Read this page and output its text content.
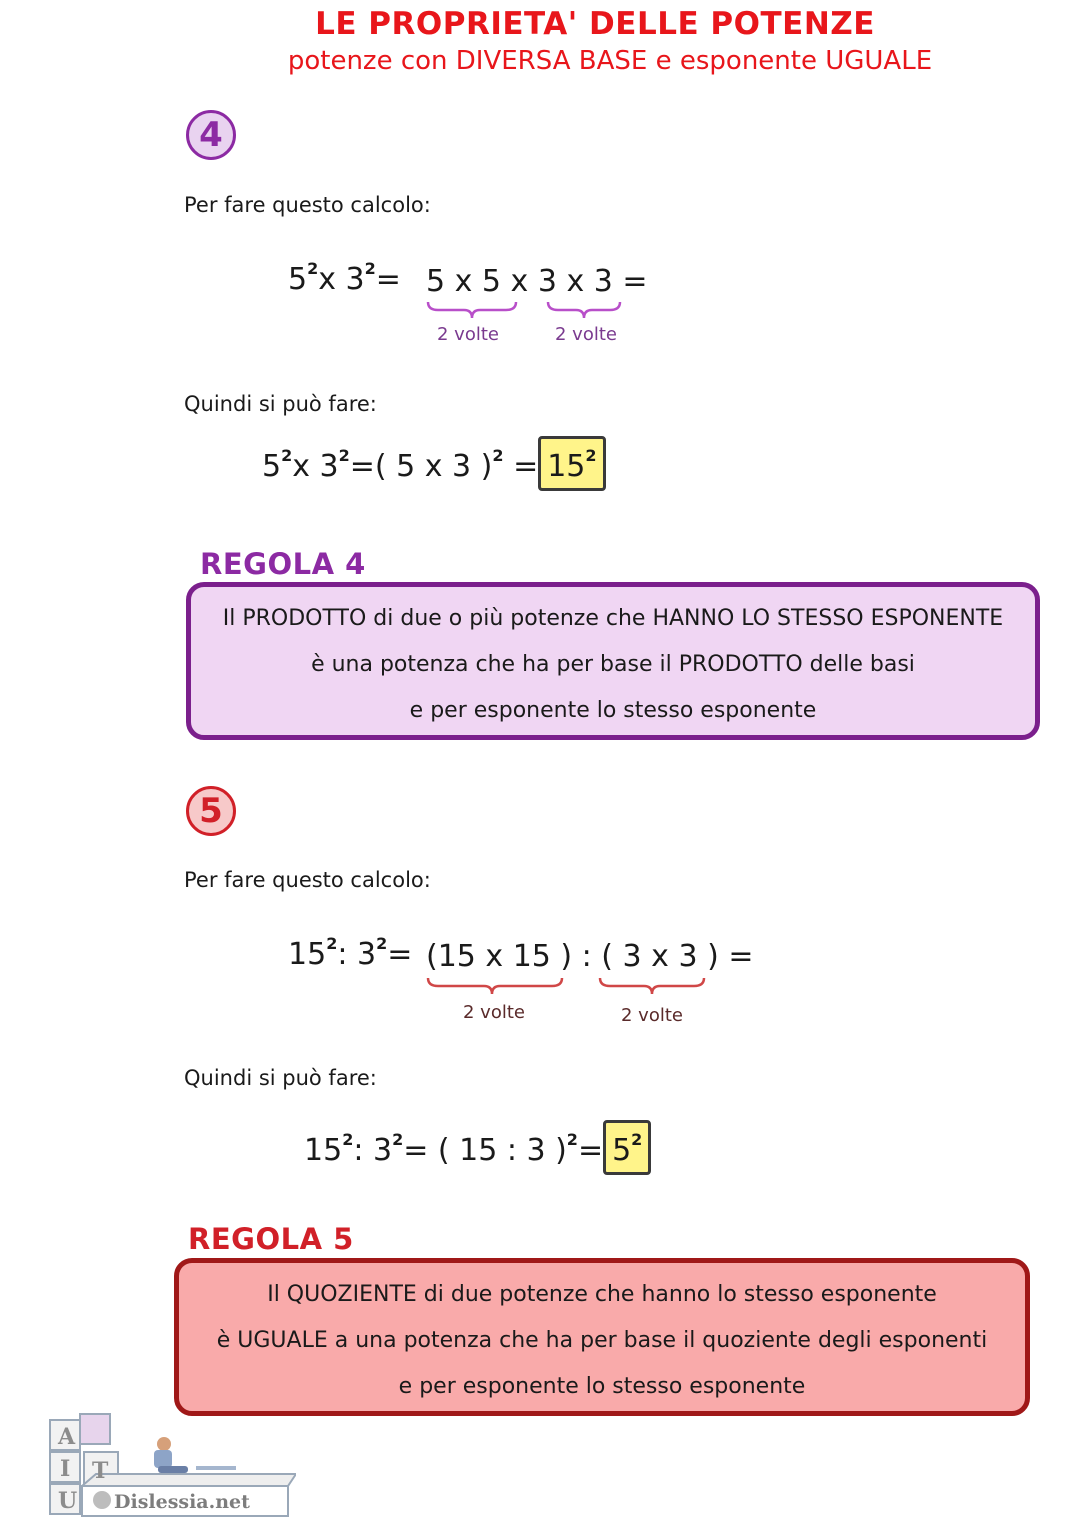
LE PROPRIETA' DELLE POTENZE
potenze con DIVERSA BASE e esponente UGUALE
4
Per fare questo calcolo:
$5^2x$ $3^2= 5$ x 5 x 3 x 3 =
2 volte	2 volte
Quindi si può fare:
$5^2x$ $3^2=$( 5 x 3 )$^2 = 15^2$
REGOLA 4
Il PRODOTTO di due o più potenze che HANNO LO STESSO ESPONENTE
è una potenza che ha per base il PRODOTTO delle basi
e per esponente lo stesso esponente
5
Per fare questo calcolo:
$15^2$: $3^2= (15$ x 15 ) : ( 3 x 3 ) =
2 volte	2 volte
Quindi si può fare:
$15^2$: $3^2=$ ( 15 : 3 )$^2= 5^2$
REGOLA 5
Il QUOZIENTE di due potenze che hanno lo stesso esponente
è UGUALE a una potenza che ha per base il quoziente degli esponenti
e per esponente lo stesso esponente
A
I T
U Dislessia.net
